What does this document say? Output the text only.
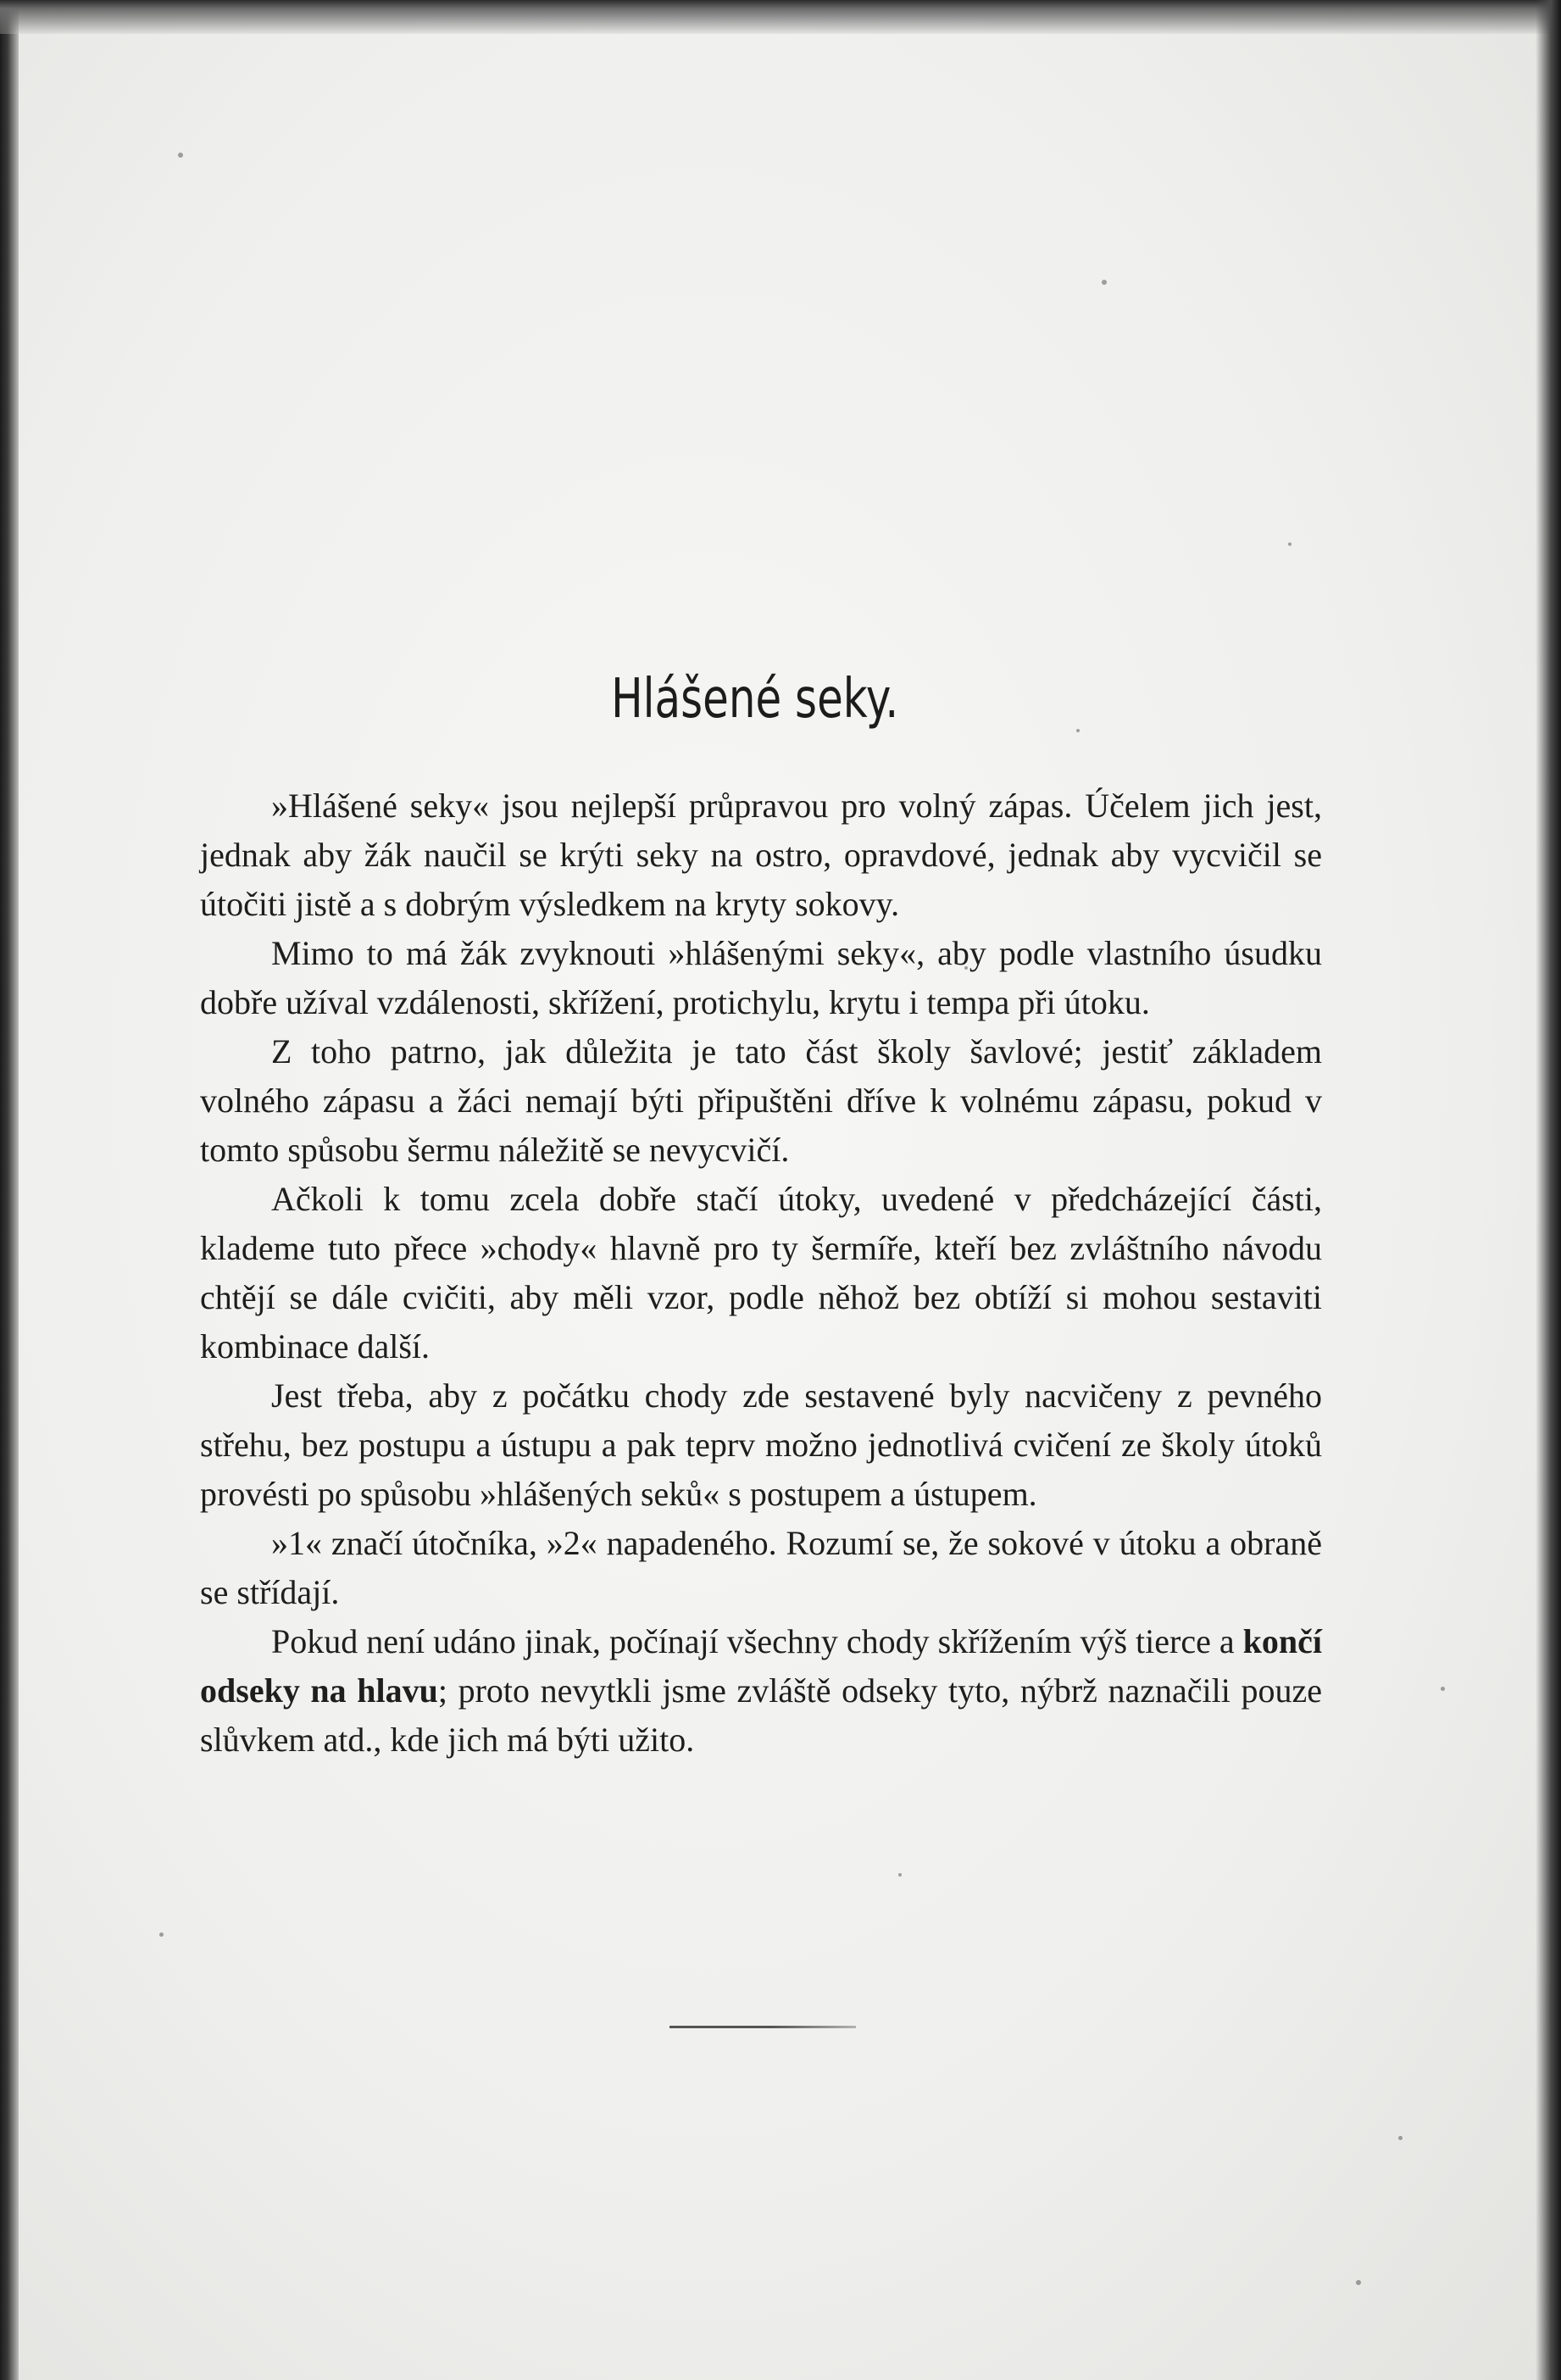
Hlášené seky.

»Hlášené seky« jsou nejlepší průpravou pro volný zápas. Účelem jich jest, jednak aby žák naučil se krýti seky na ostro, opravdové, jednak aby vycvičil se útočiti jistě a s dobrým výsledkem na kryty sokovy.

Mimo to má žák zvyknouti »hlášenými seky«, aby podle vlastního úsudku dobře užíval vzdálenosti, skřížení, protichylu, krytu i tempa při útoku.

Z toho patrno, jak důležita je tato část školy šavlové; jestiť základem volného zápasu a žáci nemají býti připuštěni dříve k volnému zápasu, pokud v tomto spůsobu šermu náležitě se nevycvičí.

Ačkoli k tomu zcela dobře stačí útoky, uvedené v předcházející části, klademe tuto přece »chody« hlavně pro ty šermíře, kteří bez zvláštního návodu chtějí se dále cvičiti, aby měli vzor, podle něhož bez obtíží si mohou sestaviti kombinace další.

Jest třeba, aby z počátku chody zde sestavené byly nacvičeny z pevného střehu, bez postupu a ústupu a pak teprv možno jednotlivá cvičení ze školy útoků provésti po spůsobu »hlášených seků« s postupem a ústupem.

»1« značí útočníka, »2« napadeného. Rozumí se, že sokové v útoku a obraně se střídají.

Pokud není udáno jinak, počínají všechny chody skřížením výš tierce a končí odseky na hlavu; proto nevytkli jsme zvláště odseky tyto, nýbrž naznačili pouze slůvkem atd., kde jich má býti užito.
